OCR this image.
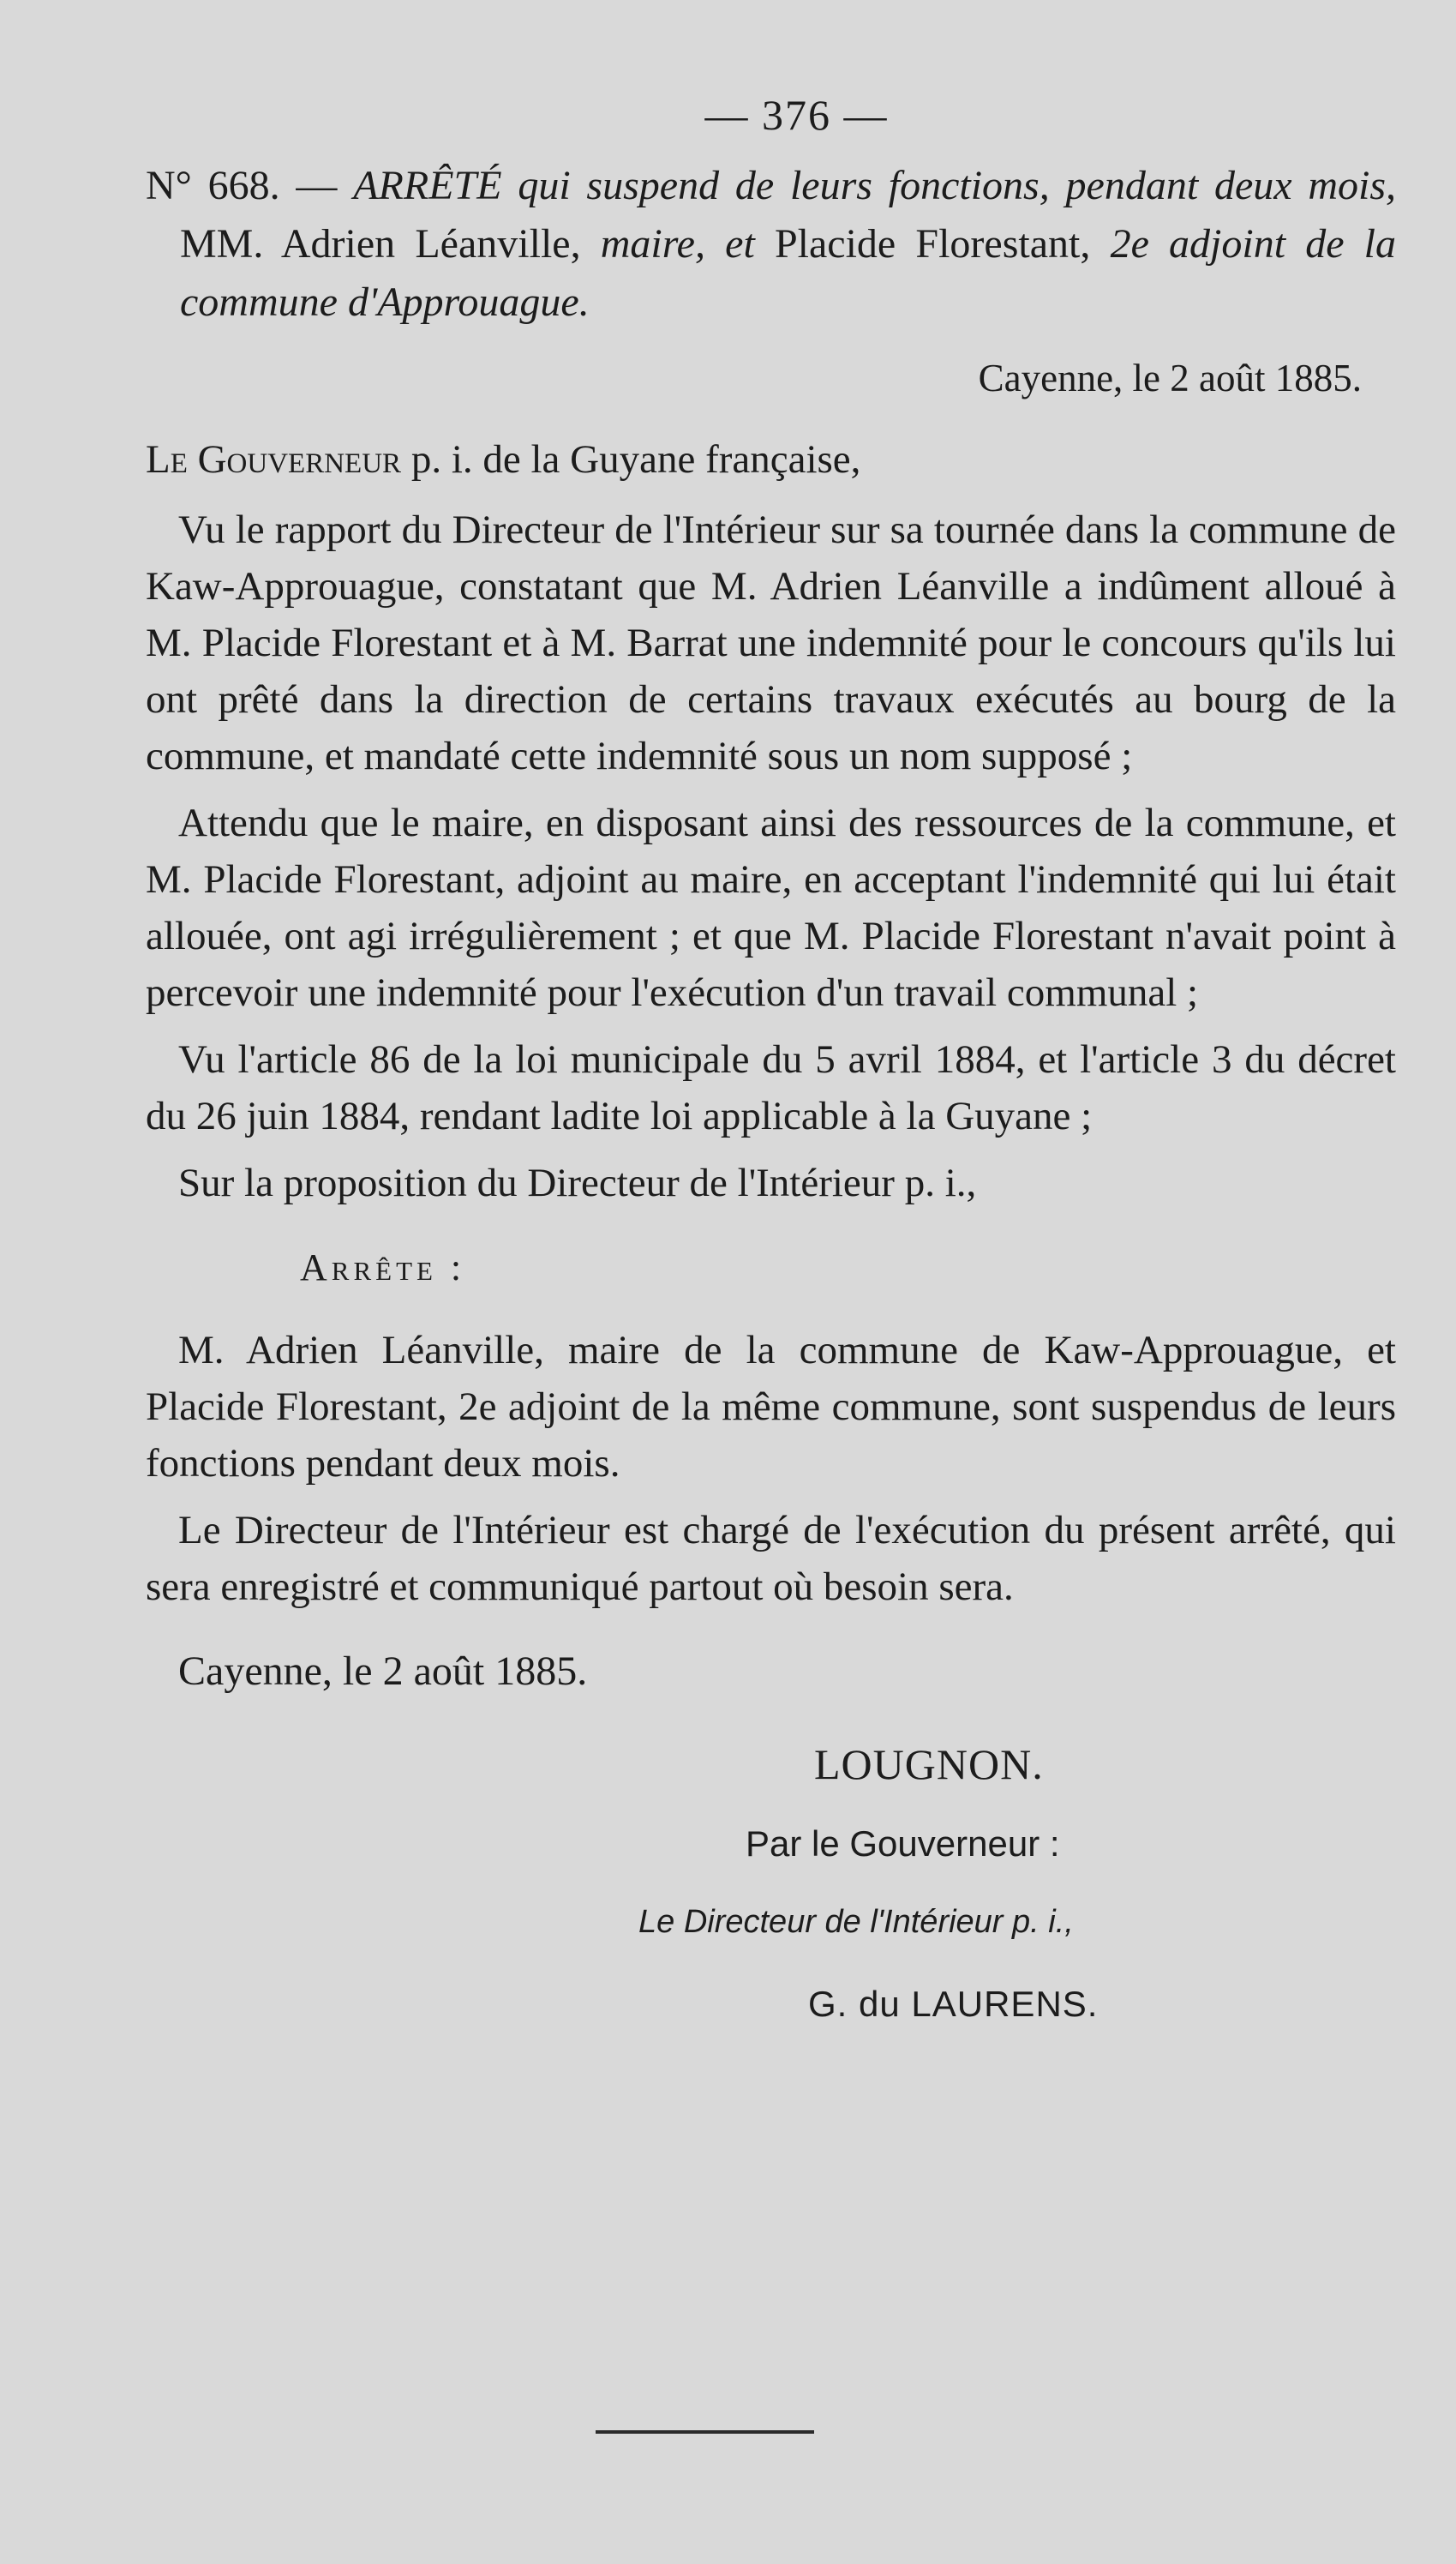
— 376 —

N° 668. — ARRÊTÉ qui suspend de leurs fonctions, pendant deux mois, MM. Adrien Léanville, maire, et Placide Florestant, 2e adjoint de la commune d'Approuague.

Cayenne, le 2 août 1885.
Le Gouverneur p. i. de la Guyane française,

Vu le rapport du Directeur de l'Intérieur sur sa tournée dans la commune de Kaw-Approuague, constatant que M. Adrien Léanville a indûment alloué à M. Placide Florestant et à M. Barrat une indemnité pour le concours qu'ils lui ont prêté dans la direction de certains travaux exécutés au bourg de la commune, et mandaté cette indemnité sous un nom supposé ;

Attendu que le maire, en disposant ainsi des ressources de la commune, et M. Placide Florestant, adjoint au maire, en acceptant l'indemnité qui lui était allouée, ont agi irrégulièrement ; et que M. Placide Florestant n'avait point à percevoir une indemnité pour l'exécution d'un travail communal ;

Vu l'article 86 de la loi municipale du 5 avril 1884, et l'article 3 du décret du 26 juin 1884, rendant ladite loi applicable à la Guyane ;

Sur la proposition du Directeur de l'Intérieur p. i.,

Arrête :

M. Adrien Léanville, maire de la commune de Kaw-Approuague, et Placide Florestant, 2e adjoint de la même commune, sont suspendus de leurs fonctions pendant deux mois.

Le Directeur de l'Intérieur est chargé de l'exécution du présent arrêté, qui sera enregistré et communiqué partout où besoin sera.

Cayenne, le 2 août 1885.
LOUGNON.
Par le Gouverneur :
Le Directeur de l'Intérieur p. i.,
G. du LAURENS.
